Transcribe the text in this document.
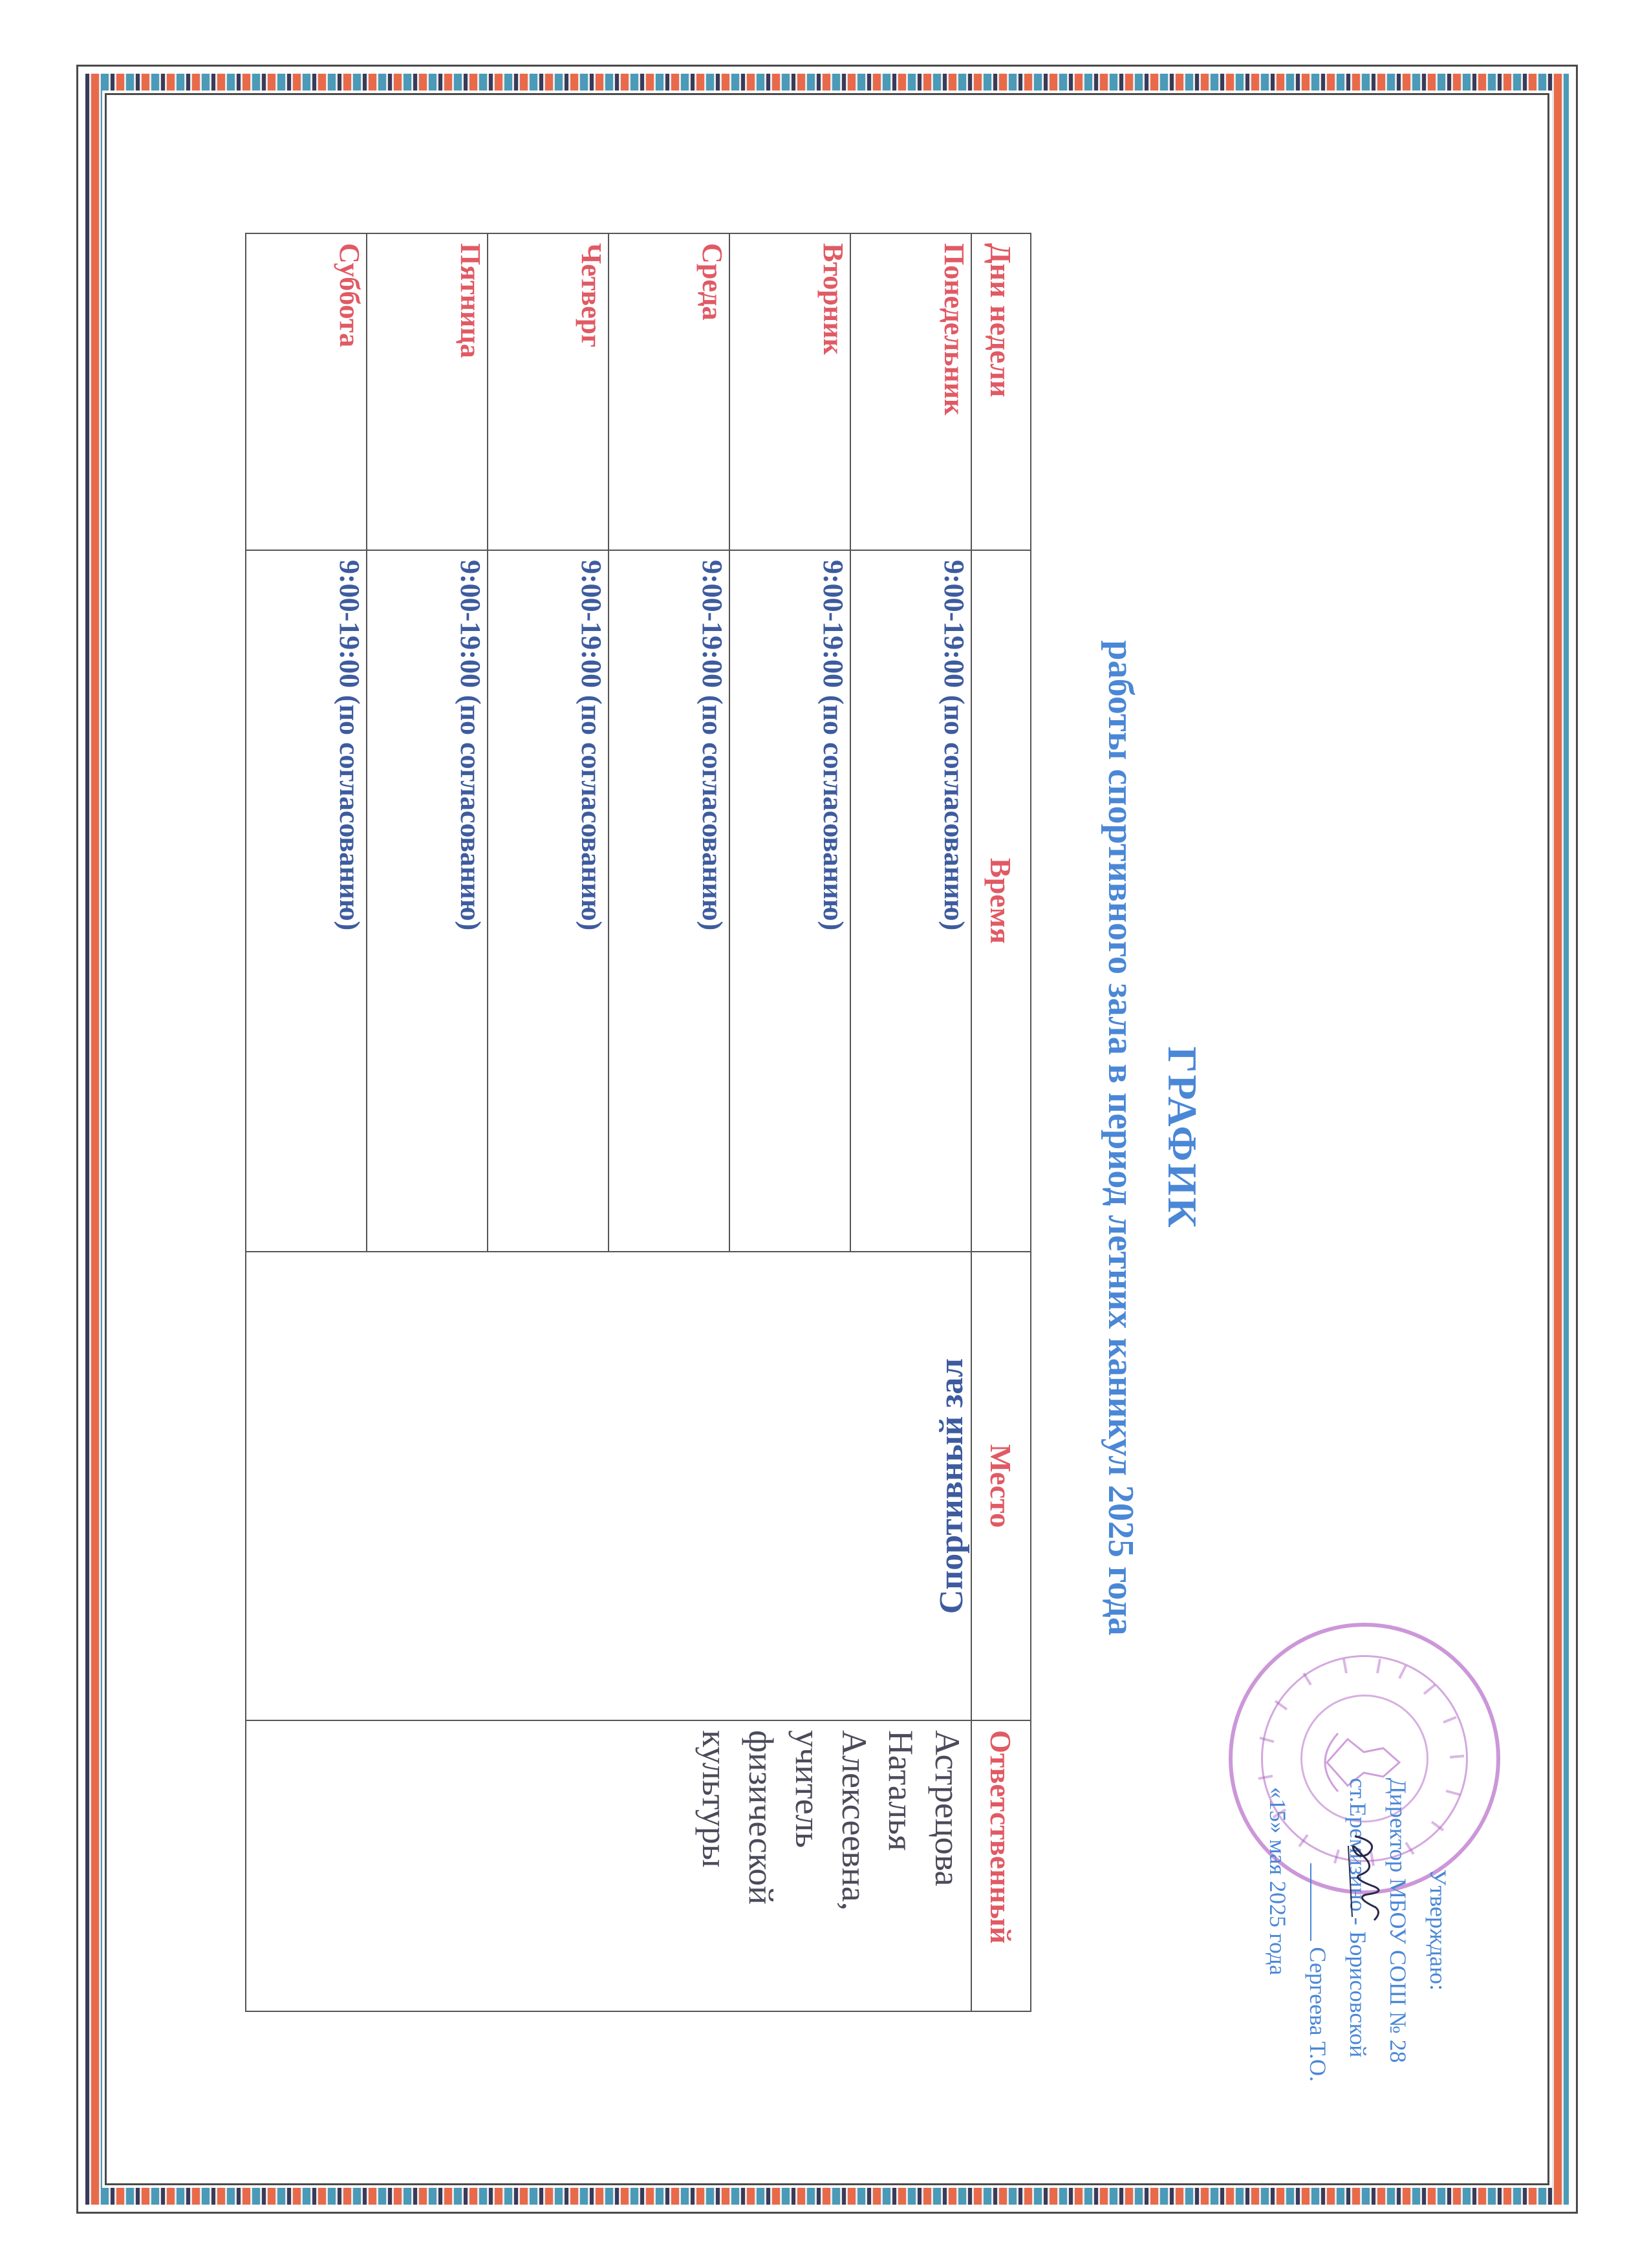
Утверждаю:
Директор МБОУ СОШ № 28
ст.Еремизино - Борисовской
Сергеева Т.О.
«15» мая 2025 года
ГРАФИК
работы спортивного зала в период летних каникул 2025 года
Дни недели	Время	Место	Ответственный
Понедельник	9:00-19:00 (по согласованию)	Спортивный зал	Астрецова Наталья Алексеевна, учитель физической культуры
Вторник	9:00-19:00 (по согласованию)		
Среда	9:00-19:00 (по согласованию)		
Четверг	9:00-19:00 (по согласованию)		
Пятница	9:00-19:00 (по согласованию)		
Суббота	9:00-19:00 (по согласованию)		
